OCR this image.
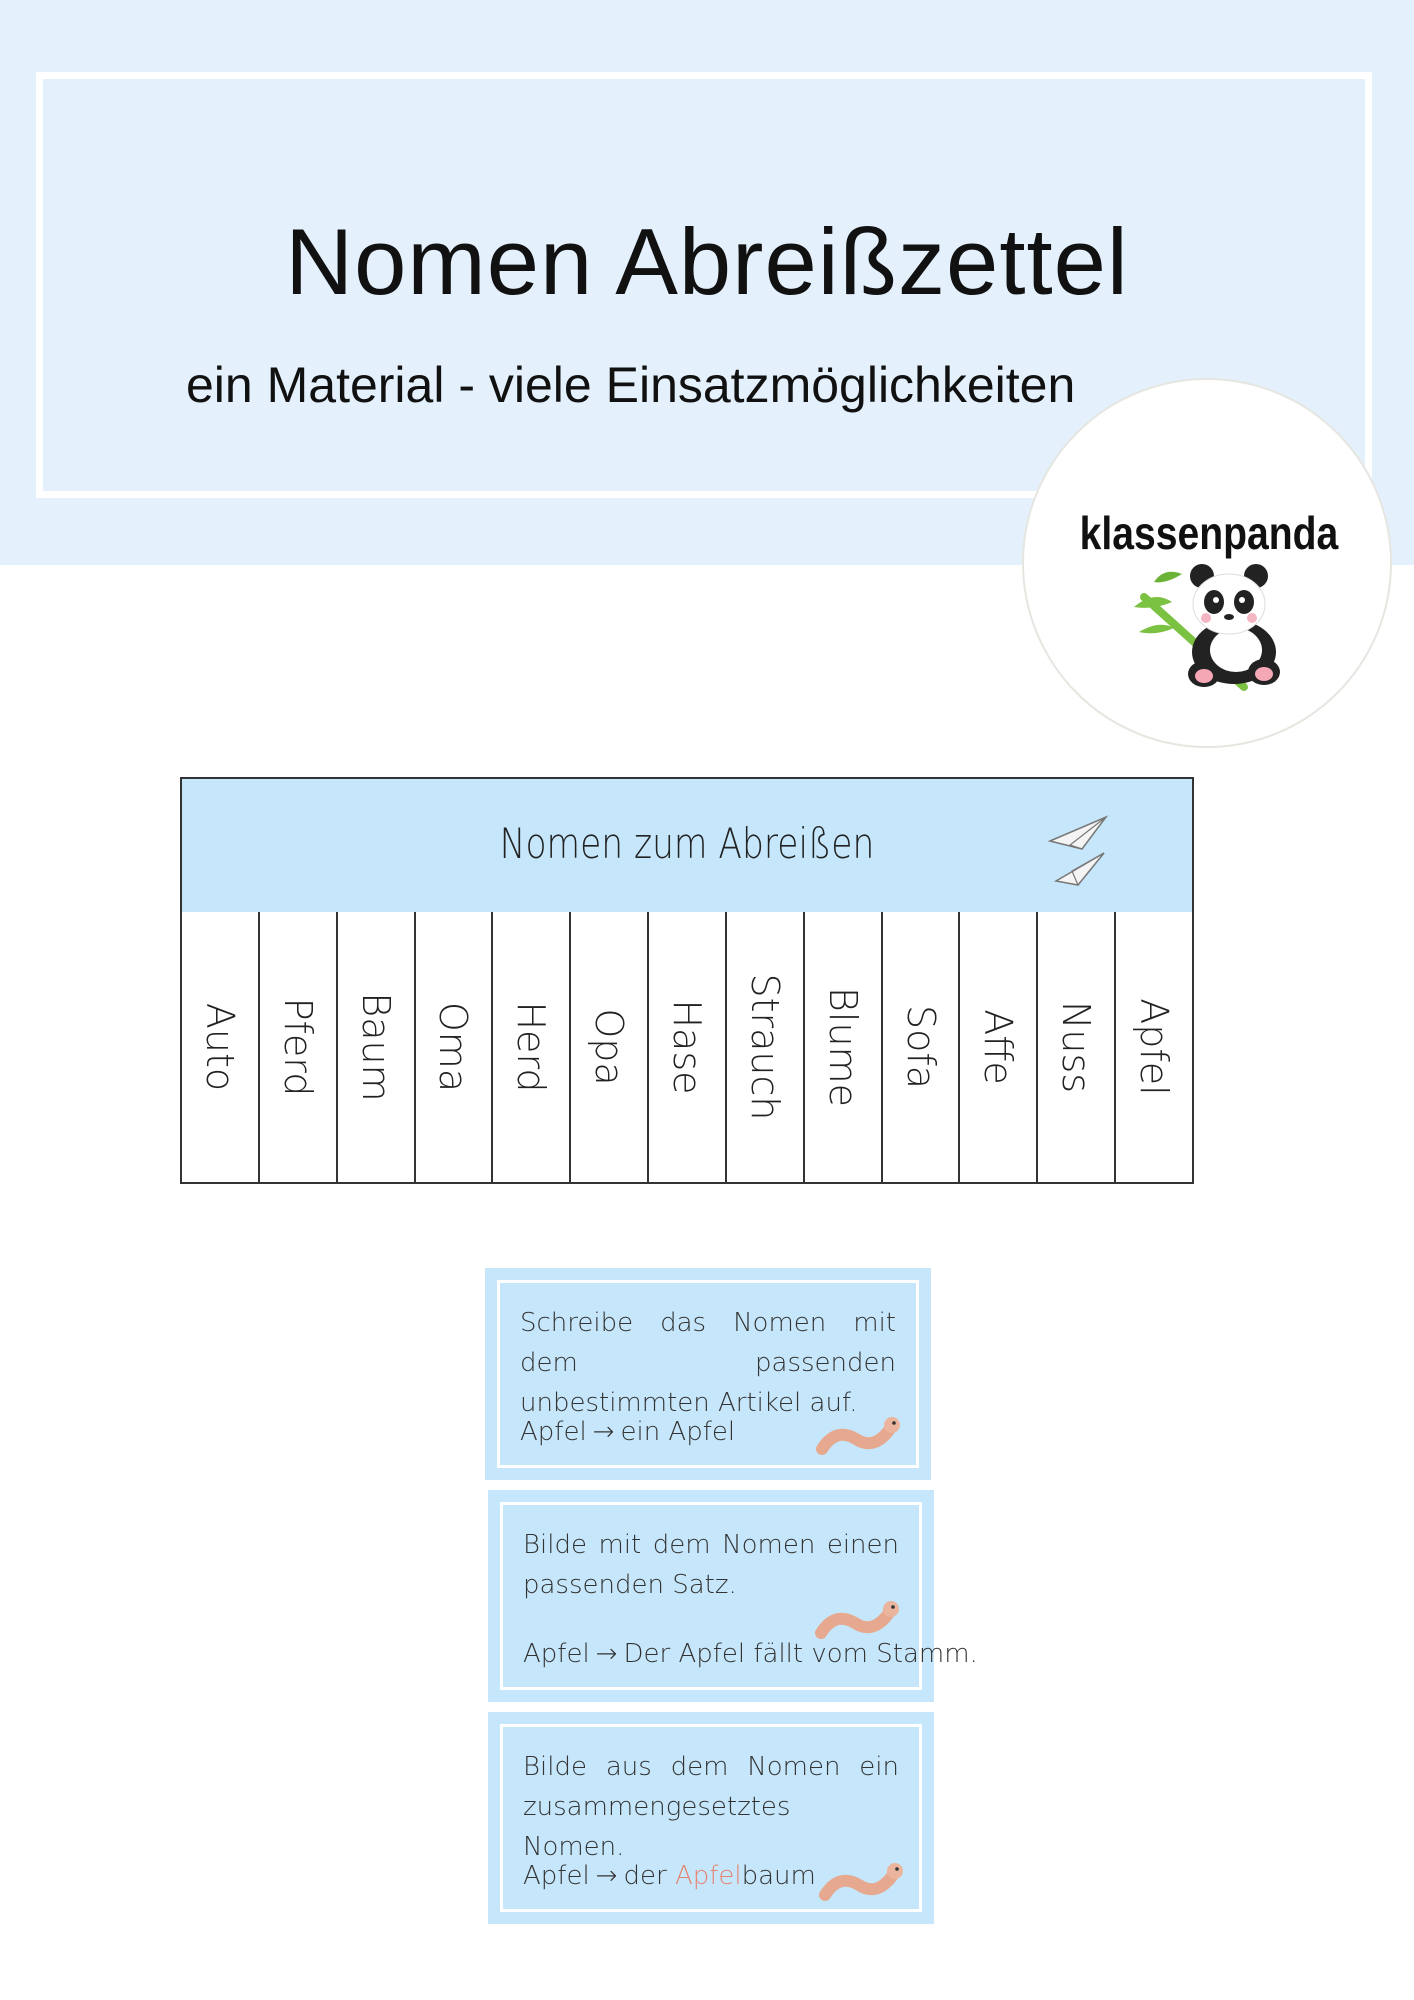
Nomen Abreißzettel
ein Material - viele Einsatzmöglichkeiten
klassenpanda
Nomen zum Abreißen
Auto Pferd Baum Oma Herd Opa Hase Strauch Blume Sofa Affe Nuss Apfel
Schreibe das Nomen mit dem passenden unbestimmten Artikel auf.
Apfel → ein Apfel
Bilde mit dem Nomen einen passenden Satz.
Apfel → Der Apfel fällt vom Stamm.
Bilde aus dem Nomen ein zusammengesetztes Nomen.
Apfel → der Apfelbaum
